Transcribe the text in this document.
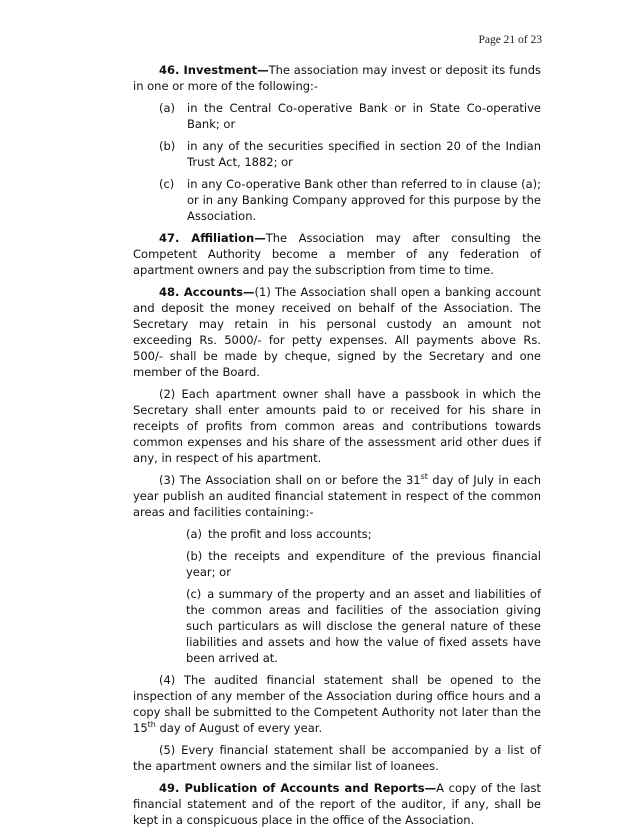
Page 21 of 23

46. Investment—The association may invest or deposit its funds in one or more of the following:-

(a)	in the Central Co-operative Bank or in State Co-operative Bank; or
(b)	in any of the securities specified in section 20 of the Indian Trust Act, 1882; or
(c)	in any Co-operative Bank other than referred to in clause (a); or in any Banking Company approved for this purpose by the Association.

47. Affiliation—The Association may after consulting the Competent Authority become a member of any federation of apartment owners and pay the subscription from time to time.

48. Accounts—(1) The Association shall open a banking account and deposit the money received on behalf of the Association. The Secretary may retain in his personal custody an amount not exceeding Rs. 5000/- for petty expenses. All payments above Rs. 500/- shall be made by cheque, signed by the Secretary and one member of the Board.

(2) Each apartment owner shall have a passbook in which the Secretary shall enter amounts paid to or received for his share in receipts of profits from common areas and contributions towards common expenses and his share of the assessment arid other dues if any, in respect of his apartment.

(3) The Association shall on or before the 31st day of July in each year publish an audited financial statement in respect of the common areas and facilities containing:-

(a) the profit and loss accounts;
(b) the receipts and expenditure of the previous financial year; or
(c) a summary of the property and an asset and liabilities of the common areas and facilities of the association giving such particulars as will disclose the general nature of these liabilities and assets and how the value of fixed assets have been arrived at.

(4) The audited financial statement shall be opened to the inspection of any member of the Association during office hours and a copy shall be submitted to the Competent Authority not later than the 15th day of August of every year.

(5) Every financial statement shall be accompanied by a list of the apartment owners and the similar list of loanees.

49. Publication of Accounts and Reports—A copy of the last financial statement and of the report of the auditor, if any, shall be kept in a conspicuous place in the office of the Association.
